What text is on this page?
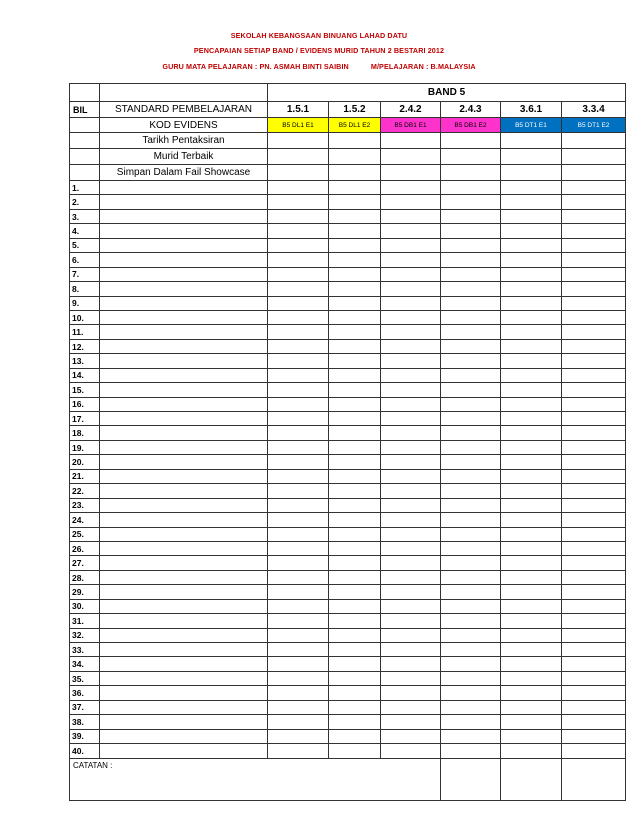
SEKOLAH KEBANGSAAN BINUANG LAHAD DATU
PENCAPAIAN SETIAP BAND / EVIDENS MURID TAHUN 2 BESTARI 2012
GURU MATA PELAJARAN : PN. ASMAH BINTI SAIBIN	M/PELAJARAN : B.MALAYSIA
		BAND 5					
BIL	STANDARD PEMBELAJARAN	1.5.1	1.5.2	2.4.2	2.4.3	3.6.1	3.3.4
	KOD EVIDENS	B5 DL1 E1	B5 DL1 E2	B5 DB1 E1	B5 DB1 E2	B5 DT1 E1	B5 DT1 E2
	Tarikh Pentaksiran						
	Murid Terbaik						
	Simpan Dalam Fail Showcase						
1.							
2.							
3.							
4.							
5.							
6.							
7.							
8.							
9.							
10.							
11.							
12.							
13.							
14.							
15.							
16.							
17.							
18.							
19.							
20.							
21.							
22.							
23.							
24.							
25.							
26.							
27.							
28.							
29.							
30.							
31.							
32.							
33.							
34.							
35.							
36.							
37.							
38.							
39.							
40.							
CATATAN :							
